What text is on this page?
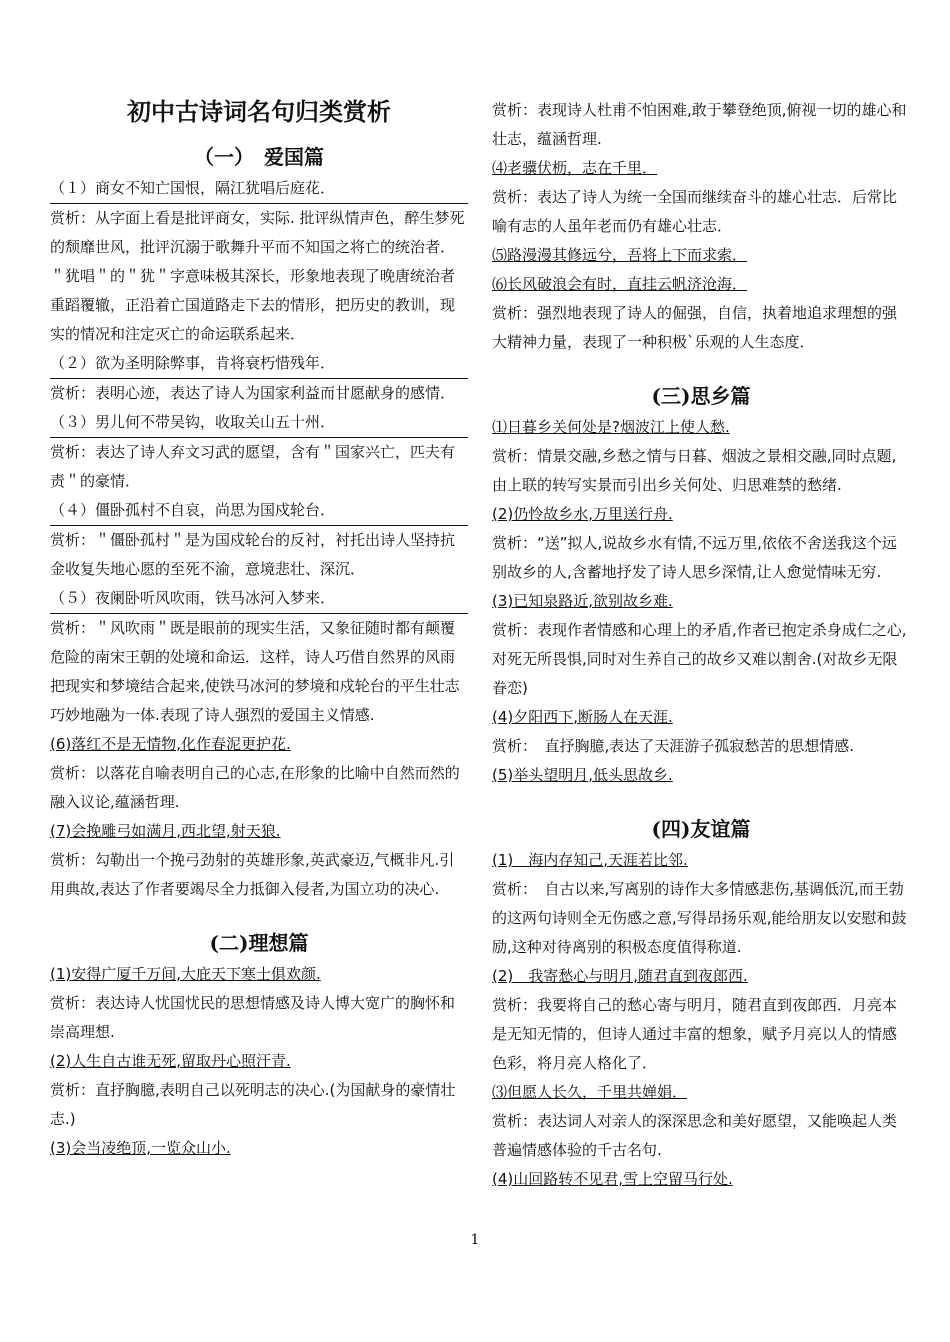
初中古诗词名句归类赏析
（一）　爱国篇
（１）商女不知亡国恨，隔江犹唱后庭花．
赏析：从字面上看是批评商女，实际. 批评纵情声色，醉生梦死的颓靡世风，批评沉溺于歌舞升平而不知国之将亡的统治者．＂犹唱＂的＂犹＂字意味极其深长，形象地表现了晚唐统治者重蹈覆辙，正沿着亡国道路走下去的情形，把历史的教训，现实的情况和注定灭亡的命运联系起来．
（２）欲为圣明除弊事，肯将衰朽惜残年．
赏析：表明心迹，表达了诗人为国家利益而甘愿献身的感情．
（３）男儿何不带吴钩，收取关山五十州．
赏析：表达了诗人弃文习武的愿望，含有＂国家兴亡，匹夫有责＂的豪情．
（４）僵卧孤村不自哀，尚思为国戍轮台．
赏析：＂僵卧孤村＂是为国戍轮台的反衬，衬托出诗人坚持抗金收复失地心愿的至死不渝，意境悲壮、深沉．
（５）夜阑卧听风吹雨，铁马冰河入梦来．
赏析：＂风吹雨＂既是眼前的现实生活，又象征随时都有颠覆危险的南宋王朝的处境和命运．这样，诗人巧借自然界的风雨把现实和梦境结合起来,使铁马冰河的梦境和戍轮台的平生壮志巧妙地融为一体.表现了诗人强烈的爱国主义情感.
(6)落红不是无情物,化作春泥更护花.
赏析：以落花自喻表明自己的心志,在形象的比喻中自然而然的融入议论,蕴涵哲理.
(7)会挽雕弓如满月,西北望,射天狼.
赏析：勾勒出一个挽弓劲射的英雄形象,英武豪迈,气概非凡.引用典故,表达了作者要竭尽全力抵御入侵者,为国立功的决心.
(二)理想篇
(1)安得广厦千万间,大庇天下寒士俱欢颜.
赏析：表达诗人忧国忧民的思想情感及诗人博大宽广的胸怀和崇高理想.
(2)人生自古谁无死,留取丹心照汗青.
赏析：直抒胸臆,表明自己以死明志的决心.(为国献身的豪情壮志.)
(3)会当凌绝顶,一览众山小.
赏析：表现诗人杜甫不怕困难,敢于攀登绝顶,俯视一切的雄心和壮志，蕴涵哲理.
⑷老骥伏枥，志在千里．
赏析：表达了诗人为统一全国而继续奋斗的雄心壮志．后常比喻有志的人虽年老而仍有雄心壮志．
⑸路漫漫其修远兮，吾将上下而求索．
⑹长风破浪会有时，直挂云帆济沧海．
赏析：强烈地表现了诗人的倔强，自信，执着地追求理想的强大精神力量，表现了一种积极`乐观的人生态度．
(三)思乡篇
⑴日暮乡关何处是?烟波江上使人愁.
赏析：情景交融,乡愁之情与日暮、烟波之景相交融,同时点题,由上联的转写实景而引出乡关何处、归思难禁的愁绪.
(2)仍怜故乡水,万里送行舟.
赏析：“送”拟人,说故乡水有情,不远万里,依依不舍送我这个远别故乡的人,含蓄地抒发了诗人思乡深情,让人愈觉情味无穷.
(3)已知泉路近,欲别故乡难.
赏析：表现作者情感和心理上的矛盾,作者已抱定杀身成仁之心,对死无所畏惧,同时对生养自己的故乡又难以割舍.(对故乡无限眷恋)
(4)夕阳西下,断肠人在天涯.
赏析：　直抒胸臆,表达了天涯游子孤寂愁苦的思想情感.
(5)举头望明月,低头思故乡.
(四)友谊篇
(1)　海内存知己,天涯若比邻.
赏析：　自古以来,写离别的诗作大多情感悲伤,基调低沉,而王勃的这两句诗则全无伤感之意,写得昂扬乐观,能给朋友以安慰和鼓励,这种对待离别的积极态度值得称道.
(2)　我寄愁心与明月,随君直到夜郎西.
赏析：我要将自己的愁心寄与明月，随君直到夜郎西．月亮本是无知无情的，但诗人通过丰富的想象，赋予月亮以人的情感色彩，将月亮人格化了．
⑶但愿人长久，千里共婵娟．
赏析：表达词人对亲人的深深思念和美好愿望，又能唤起人类普遍情感体验的千古名句.
(4)山回路转不见君,雪上空留马行处.
1
